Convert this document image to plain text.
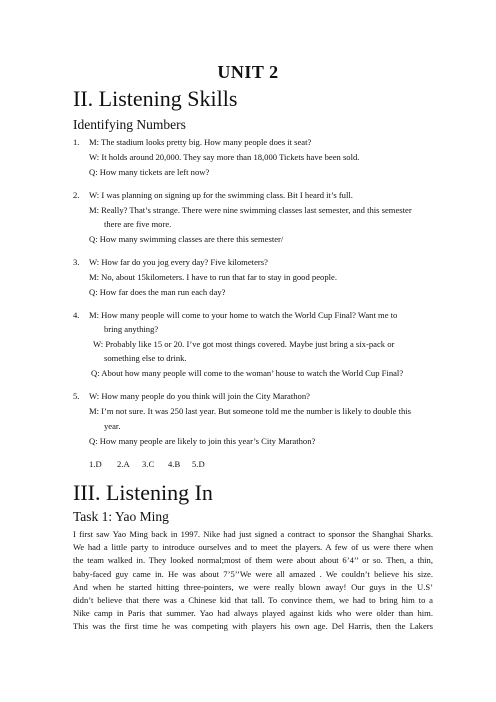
UNIT 2
II. Listening Skills
Identifying Numbers
1. M: The stadium looks pretty big. How many people does it seat?
W: It holds around 20,000. They say more than 18,000 Tickets have been sold.
Q: How many tickets are left now?
2. W: I was planning on signing up for the swimming class. Bit I heard it’s full.
M: Really? That’s strange. There were nine swimming classes last semester, and this semester
there are five more.
Q: How many swimming classes are there this semester/
3. W: How far do you jog every day? Five kilometers?
M: No, about 15kilometers. I have to run that far to stay in good people.
Q: How far does the man run each day?
4. M: How many people will come to your home to watch the World Cup Final? Want me to
bring anything?
W: Probably like 15 or 20. I’ve got most things covered. Maybe just bring a six-pack or
something else to drink.
Q: About how many people will come to the woman’ house to watch the World Cup Final?
5. W: How many people do you think will join the City Marathon?
M: I’m not sure. It was 250 last year. But someone told me the number is likely to double this
year.
Q: How many people are likely to join this year’s City Marathon?
1.D 2.A 3.C 4.B 5.D
III. Listening In
Task 1: Yao Ming
I first saw Yao Ming back in 1997. Nike had just signed a contract to sponsor the Shanghai Sharks.
We had a little party to introduce ourselves and to meet the players. A few of us were there when
the team walked in. They looked normal;most of them were about about 6’4’’ or so. Then, a thin,
baby-faced guy came in. He was about 7’5’’We were all amazed . We couldn’t believe his size.
And when he started hitting three-pointers, we were really blown away! Our guys in the U.S’
didn’t believe that there was a Chinese kid that tall. To convince them, we had to bring him to a
Nike camp in Paris that summer. Yao had always played against kids who were older than him.
This was the first time he was competing with players his own age. Del Harris, then the Lakers
